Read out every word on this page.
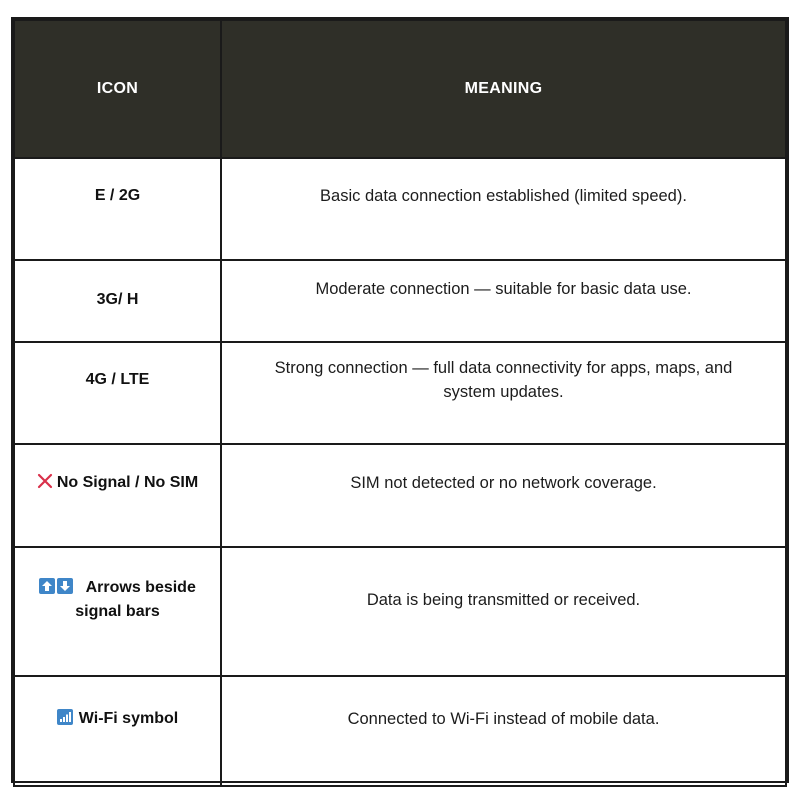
ICON	MEANING
E / 2G	Basic data connection established (limited speed).
3G/ H	Moderate connection — suitable for basic data use.
4G / LTE	Strong connection — full data connectivity for apps, maps, and
system updates.
No Signal / No SIM	SIM not detected or no network coverage.

Arrows beside
signal bars	Data is being transmitted or received.

Wi-Fi symbol	Connected to Wi-Fi instead of mobile data.
